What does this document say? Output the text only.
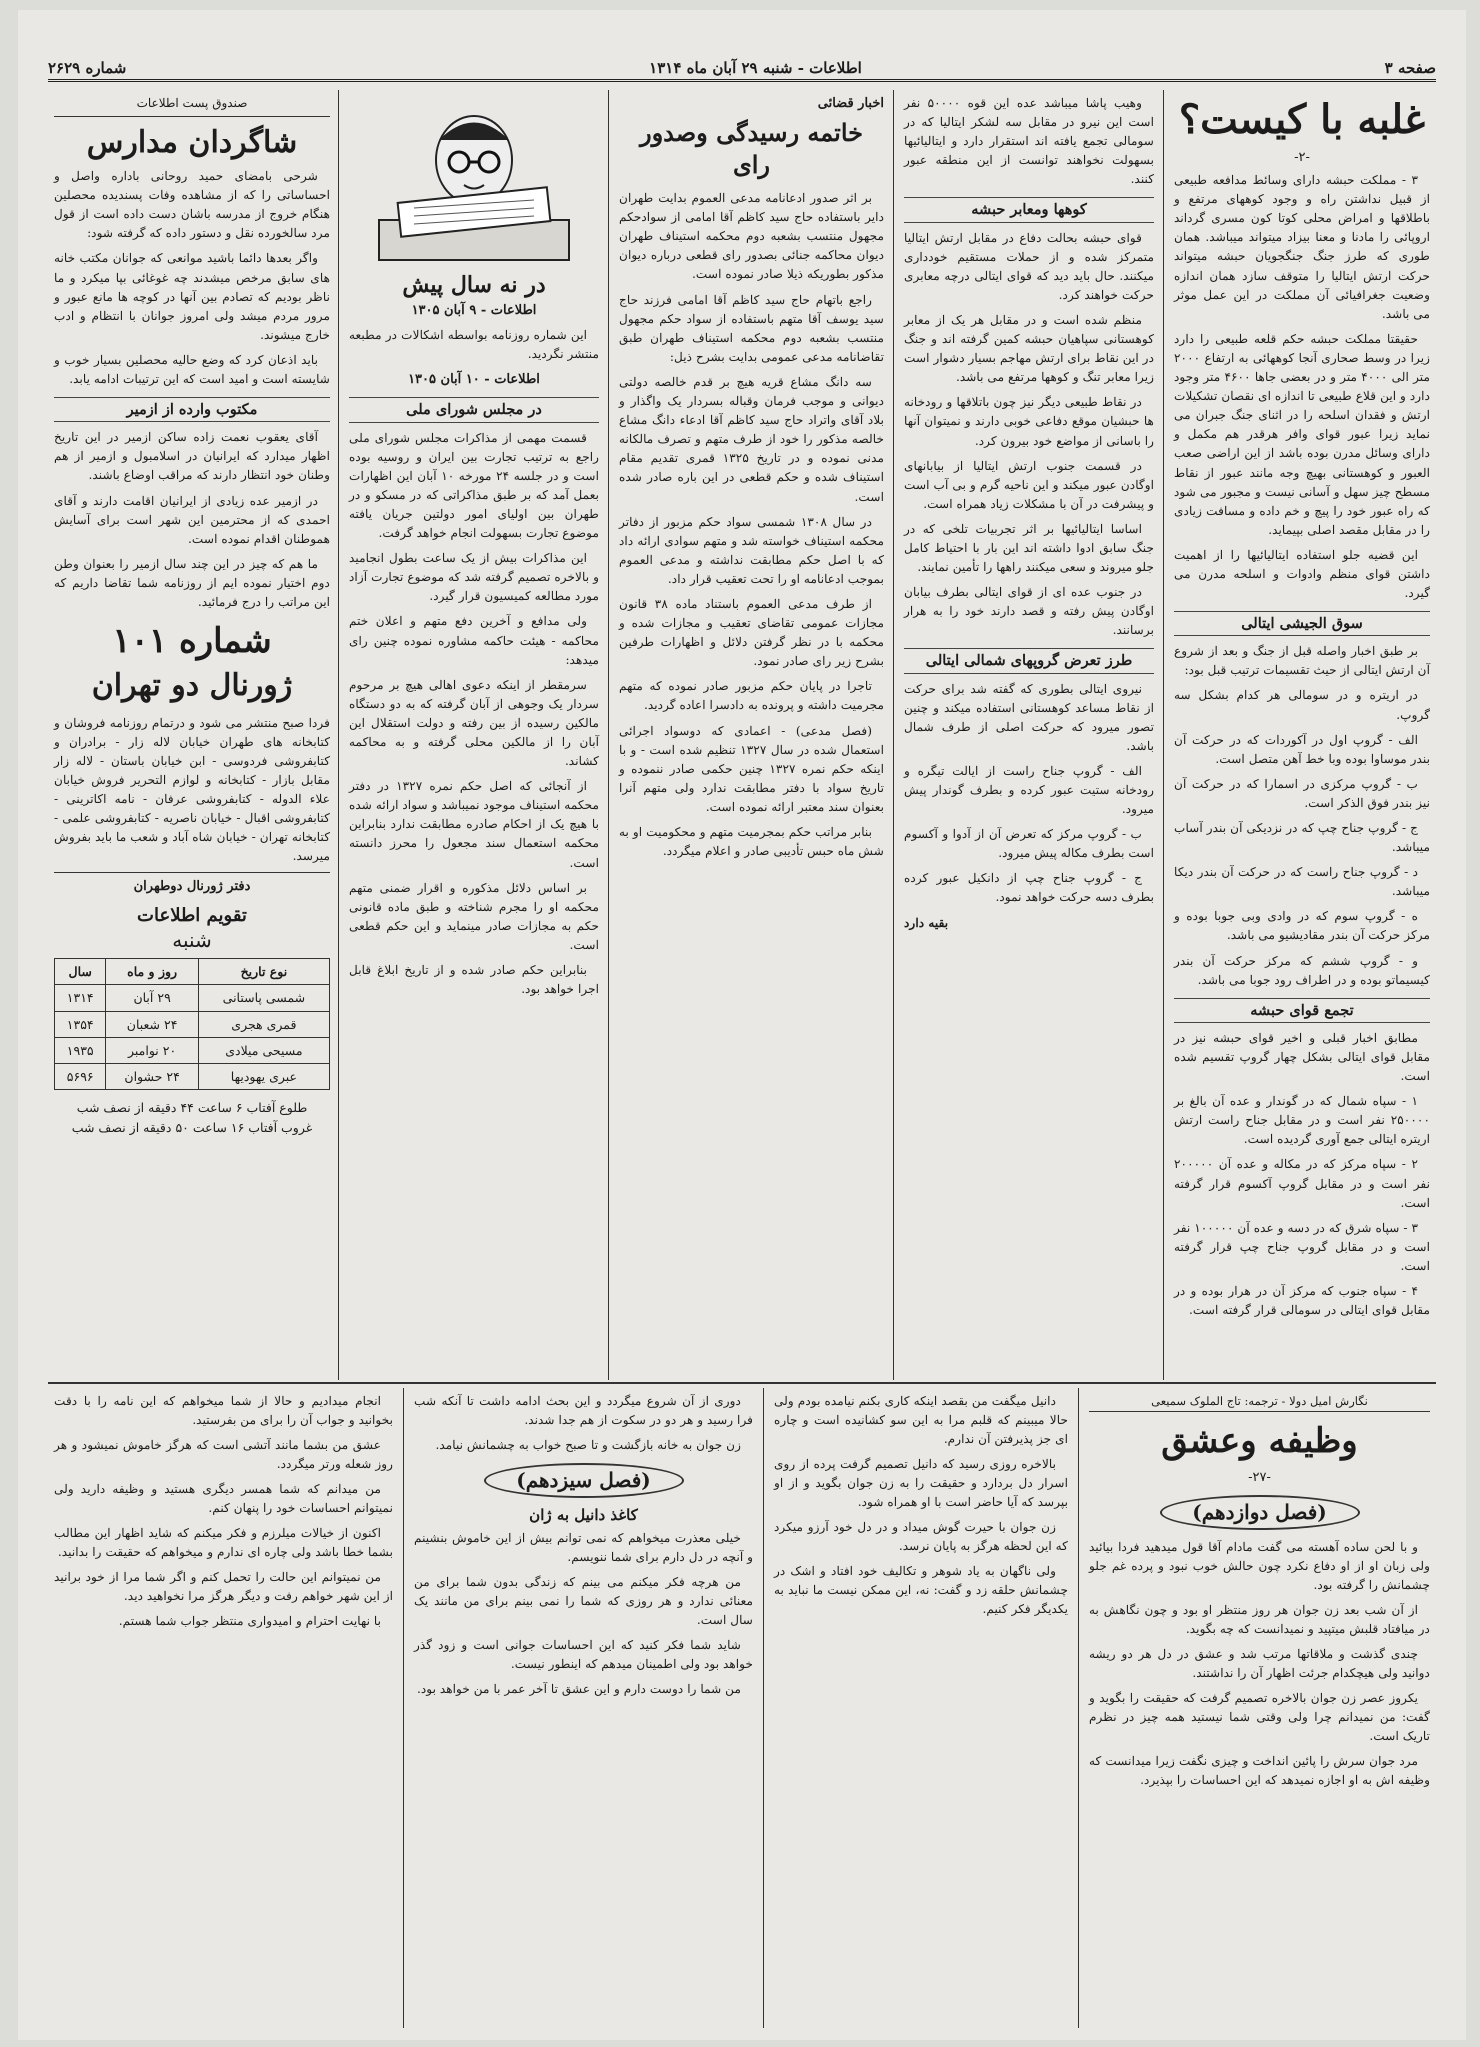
صفحه ۳
اطلاعات - شنبه ۲۹ آبان ماه ۱۳۱۴
شماره ۲۶۲۹
غلبه با کیست؟
-۲-

۳ - مملکت حبشه دارای وسائط مدافعه طبیعی از قبیل نداشتن راه و وجود کوههای مرتفع و باطلاقها و امراض محلی کوتا کون مسری گرداند اروپائی را مادنا و معنا بیزاد میتواند میباشد. همان طوری که طرز جنگ جنگجویان حبشه میتواند حرکت ارتش ایتالیا را متوقف سازد همان اندازه وضعیت جغرافیائی آن مملکت در این عمل موثر می باشد.

حقیقتا مملکت حبشه حکم قلعه طبیعی را دارد زیرا در وسط صحاری آنجا کوههائی به ارتفاع ۲۰۰۰ متر الی ۴۰۰۰ متر و در بعضی جاها ۴۶۰۰ متر وجود دارد و این قلاع طبیعی تا اندازه ای نقصان تشکیلات ارتش و فقدان اسلحه را در اثنای جنگ جبران می نماید زیرا عبور قوای وافر هرقدر هم مکمل و دارای وسائل مدرن بوده باشد از این اراضی صعب العبور و کوهستانی بهیچ وجه مانند عبور از نقاط مسطح چیز سهل و آسانی نیست و مجبور می شود که راه عبور خود را پیچ و خم داده و مسافت زیادی را در مقابل مقصد اصلی بپیماید.

این قضیه جلو استفاده ایتالیائیها را از اهمیت داشتن قوای منظم وادوات و اسلحه مدرن می گیرد.

سوق الجیشی ایتالی

بر طبق اخبار واصله قبل از جنگ و بعد از شروع آن ارتش ایتالی از حیث تقسیمات ترتیب قبل بود:

در اریتره و در سومالی هر کدام بشکل سه گروپ.

الف - گروپ اول در آکوردات که در حرکت آن بندر موساوا بوده وبا خط آهن متصل است.

ب - گروپ مرکزی در اسمارا که در حرکت آن نیز بندر فوق الذکر است.

ج - گروپ جناح چپ که در نزدیکی آن بندر آساب میباشد.

د - گروپ جناح راست که در حرکت آن بندر دیکا میباشد.

ه - گروپ سوم که در وادی وبی جوبا بوده و مرکز حرکت آن بندر مقادیشیو می باشد.

و - گروپ ششم که مرکز حرکت آن بندر کیسیماتو بوده و در اطراف رود جوبا می باشد.

تجمع قوای حبشه

مطابق اخبار قبلی و اخیر قوای حبشه نیز در مقابل قوای ایتالی بشکل چهار گروپ تقسیم شده است.

۱ - سپاه شمال که در گوندار و عده آن بالغ بر ۲۵۰۰۰۰ نفر است و در مقابل جناح راست ارتش اریتره ایتالی جمع آوری گردیده است.

۲ - سپاه مرکز که در مکاله و عده آن ۲۰۰۰۰۰ نفر است و در مقابل گروپ آکسوم قرار گرفته است.

۳ - سپاه شرق که در دسه و عده آن ۱۰۰۰۰۰ نفر است و در مقابل گروپ جناح چپ قرار گرفته است.

۴ - سپاه جنوب که مرکز آن در هرار بوده و در مقابل قوای ایتالی در سومالی قرار گرفته است.

وهیب پاشا میباشد عده این قوه ۵۰۰۰۰ نفر است این نیرو در مقابل سه لشکر ایتالیا که در سومالی تجمع یافته اند استقرار دارد و ایتالیائیها بسهولت نخواهند توانست از این منطقه عبور کنند.

کوهها ومعابر حبشه

قوای حبشه بحالت دفاع در مقابل ارتش ایتالیا متمرکز شده و از حملات مستقیم خودداری میکنند. حال باید دید که قوای ایتالی درچه معابری حرکت خواهند کرد.

منظم شده است و در مقابل هر یک از معابر کوهستانی سپاهیان حبشه کمین گرفته اند و جنگ در این نقاط برای ارتش مهاجم بسیار دشوار است زیرا معابر تنگ و کوهها مرتفع می باشد.

در نقاط طبیعی دیگر نیز چون باتلاقها و رودخانه ها حبشیان موقع دفاعی خوبی دارند و نمیتوان آنها را باسانی از مواضع خود بیرون کرد.

در قسمت جنوب ارتش ایتالیا از بیابانهای اوگادن عبور میکند و این ناحیه گرم و بی آب است و پیشرفت در آن با مشکلات زیاد همراه است.

اساسا ایتالیائیها بر اثر تجربیات تلخی که در جنگ سابق ادوا داشته اند این بار با احتیاط کامل جلو میروند و سعی میکنند راهها را تأمین نمایند.

در جنوب عده ای از قوای ایتالی بطرف بیابان اوگادن پیش رفته و قصد دارند خود را به هرار برسانند.

طرز تعرض گروپهای شمالی ایتالی

نیروی ایتالی بطوری که گفته شد برای حرکت از نقاط مساعد کوهستانی استفاده میکند و چنین تصور میرود که حرکت اصلی از طرف شمال باشد.

الف - گروپ جناح راست از ایالت تیگره و رودخانه ستیت عبور کرده و بطرف گوندار پیش میرود.

ب - گروپ مرکز که تعرض آن از آدوا و آکسوم است بطرف مکاله پیش میرود.

ج - گروپ جناح چپ از دانکیل عبور کرده بطرف دسه حرکت خواهد نمود.

بقیه دارد
اخبار قضائی
خاتمه رسیدگی وصدور رای

بر اثر صدور ادعانامه مدعی العموم بدایت طهران دایر باستفاده حاج سید کاظم آقا امامی از سوادحکم مجهول منتسب بشعبه دوم محکمه استیناف طهران دیوان محاکمه جنائی بصدور رای قطعی درباره دیوان مذکور بطوریکه ذیلا صادر نموده است.

راجع باتهام حاج سید کاظم آقا امامی فرزند حاج سید یوسف آقا متهم باستفاده از سواد حکم مجهول منتسب بشعبه دوم محکمه استیناف طهران طبق تقاضانامه مدعی عمومی بدایت بشرح ذیل:

سه دانگ مشاع قریه هیچ بر قدم خالصه دولتی دیوانی و موجب فرمان وقباله بسردار یک واگذار و بلاد آقای واتراد حاج سید کاظم آقا ادعاء دانگ مشاع خالصه مذکور را خود از طرف متهم و تصرف مالکانه مدنی نموده و در تاریخ ۱۳۲۵ قمری تقدیم مقام استیناف شده و حکم قطعی در این باره صادر شده است.

در سال ۱۳۰۸ شمسی سواد حکم مزبور از دفاتر محکمه استیناف خواسته شد و متهم سوادی ارائه داد که با اصل حکم مطابقت نداشته و مدعی العموم بموجب ادعانامه او را تحت تعقیب قرار داد.

از طرف مدعی العموم باستناد ماده ۳۸ قانون مجازات عمومی تقاضای تعقیب و مجازات شده و محکمه با در نظر گرفتن دلائل و اظهارات طرفین بشرح زیر رای صادر نمود.

تاجرا در پایان حکم مزبور صادر نموده که متهم مجرمیت داشته و پرونده به دادسرا اعاده گردید.

(فصل مدعی) - اعمادی که دوسواد اجرائی استعمال شده در سال ۱۳۲۷ تنظیم شده است - و با اینکه حکم نمره ۱۳۲۷ چنین حکمی صادر ننموده و تاریخ سواد با دفتر مطابقت ندارد ولی متهم آنرا بعنوان سند معتبر ارائه نموده است.

بنابر مراتب حکم بمجرمیت متهم و محکومیت او به شش ماه حبس تأدیبی صادر و اعلام میگردد.

در نه سال پیش
اطلاعات - ۹ آبان ۱۳۰۵

این شماره روزنامه بواسطه اشکالات در مطبعه منتشر نگردید.

اطلاعات - ۱۰ آبان ۱۳۰۵
در مجلس شورای ملی

قسمت مهمی از مذاکرات مجلس شورای ملی راجع به ترتیب تجارت بین ایران و روسیه بوده است و در جلسه ۲۴ مورخه ۱۰ آبان این اظهارات بعمل آمد که بر طبق مذاکراتی که در مسکو و در طهران بین اولیای امور دولتین جریان یافته موضوع تجارت بسهولت انجام خواهد گرفت.

این مذاکرات بیش از یک ساعت بطول انجامید و بالاخره تصمیم گرفته شد که موضوع تجارت آزاد مورد مطالعه کمیسیون قرار گیرد.

ولی مدافع و آخرین دفع متهم و اعلان ختم محاکمه - هیئت حاکمه مشاوره نموده چنین رای میدهد:

سرمقطر از اینکه دعوی اهالی هیچ بر مرحوم سردار یک وجوهی از آبان گرفته که به دو دستگاه مالکین رسیده از بین رفته و دولت استقلال این آبان را از مالکین محلی گرفته و به محاکمه کشاند.

از آنجائی که اصل حکم نمره ۱۳۲۷ در دفتر محکمه استیناف موجود نمیباشد و سواد ارائه شده با هیچ یک از احکام صادره مطابقت ندارد بنابراین محکمه استعمال سند مجعول را محرز دانسته است.

بر اساس دلائل مذکوره و اقرار ضمنی متهم محکمه او را مجرم شناخته و طبق ماده قانونی حکم به مجازات صادر مینماید و این حکم قطعی است.

بنابراین حکم صادر شده و از تاریخ ابلاغ قابل اجرا خواهد بود.

صندوق پست اطلاعات
شاگردان مدارس

شرحی بامضای حمید روحانی باداره واصل و احساساتی را که از مشاهده وفات پسندیده محصلین هنگام خروج از مدرسه باشان دست داده است از قول مرد سالخورده نقل و دستور داده که گرفته شود:

واگر بعدها دائما باشید موانعی که جوانان مکتب خانه های سابق مرخص میشدند چه غوغائی بپا میکرد و ما ناظر بودیم که تصادم بین آنها در کوچه ها مانع عبور و مرور مردم میشد ولی امروز جوانان با انتظام و ادب خارج میشوند.

باید اذعان کرد که وضع حالیه محصلین بسیار خوب و شایسته است و امید است که این ترتیبات ادامه یابد.

مکتوب وارده از ازمیر

آقای یعقوب نعمت زاده ساکن ازمیر در این تاریخ اظهار میدارد که ایرانیان در اسلامبول و ازمیر از هم وطنان خود انتظار دارند که مراقب اوضاع باشند.

در ازمیر عده زیادی از ایرانیان اقامت دارند و آقای احمدی که از محترمین این شهر است برای آسایش هموطنان اقدام نموده است.

ما هم که چیز در این چند سال ازمیر را بعنوان وطن دوم اختیار نموده ایم از روزنامه شما تقاضا داریم که این مراتب را درج فرمائید.

شماره ۱۰۱
ژورنال دو تهران
فردا صبح منتشر می شود و درتمام روزنامه فروشان و کتابخانه های طهران خیابان لاله زار - برادران و کتابفروشی فردوسی - ابن خیابان باستان - لاله زار مقابل بازار - کتابخانه و لوازم التحریر فروش خیابان علاء الدوله - کتابفروشی عرفان - نامه اکاترینی - کتابفروشی اقبال - خیابان ناصریه - کتابفروشی علمی - کتابخانه تهران - خیابان شاه آباد و شعب ما باید بفروش میرسد.
دفتر ژورنال دوطهران
تقویم اطلاعات
شنبه
نوع تاریخ	روز و ماه	سال
شمسی پاستانی	۲۹ آبان	۱۳۱۴
قمری هجری	۲۴ شعبان	۱۳۵۴
مسیحی میلادی	۲۰ نوامبر	۱۹۳۵
عبری یهودیها	۲۴ حشوان	۵۶۹۶
طلوع آفتاب ۶ ساعت ۴۴ دقیقه از نصف شب
غروب آفتاب ۱۶ ساعت ۵۰ دقیقه از نصف شب
نگارش امیل دولا - ترجمه: تاج الملوک سمیعی
وظیفه وعشق
-۲۷-
(فصل دوازدهم)

و با لحن ساده آهسته می گفت مادام آقا قول میدهید فردا بیائید ولی زبان او از او دفاع نکرد چون حالش خوب نبود و پرده غم جلو چشمانش را گرفته بود.

از آن شب بعد زن جوان هر روز منتظر او بود و چون نگاهش به در میافتاد قلبش میتپید و نمیدانست که چه بگوید.

چندی گذشت و ملاقاتها مرتب شد و عشق در دل هر دو ریشه دوانید ولی هیچکدام جرئت اظهار آن را نداشتند.

یکروز عصر زن جوان بالاخره تصمیم گرفت که حقیقت را بگوید و گفت: من نمیدانم چرا ولی وقتی شما نیستید همه چیز در نظرم تاریک است.

مرد جوان سرش را پائین انداخت و چیزی نگفت زیرا میدانست که وظیفه اش به او اجازه نمیدهد که این احساسات را بپذیرد.

دانیل میگفت من بقصد اینکه کاری بکنم نیامده بودم ولی حالا میبینم که قلبم مرا به این سو کشانیده است و چاره ای جز پذیرفتن آن ندارم.

بالاخره روزی رسید که دانیل تصمیم گرفت پرده از روی اسرار دل بردارد و حقیقت را به زن جوان بگوید و از او بپرسد که آیا حاضر است با او همراه شود.

زن جوان با حیرت گوش میداد و در دل خود آرزو میکرد که این لحظه هرگز به پایان نرسد.

ولی ناگهان به یاد شوهر و تکالیف خود افتاد و اشک در چشمانش حلقه زد و گفت: نه، این ممکن نیست ما نباید به یکدیگر فکر کنیم.

دوری از آن شروع میگردد و این بحث ادامه داشت تا آنکه شب فرا رسید و هر دو در سکوت از هم جدا شدند.

زن جوان به خانه بازگشت و تا صبح خواب به چشمانش نیامد.

(فصل سیزدهم)
کاغذ دانیل به ژان

خیلی معذرت میخواهم که نمی توانم بیش از این خاموش بنشینم و آنچه در دل دارم برای شما ننویسم.

من هرچه فکر میکنم می بینم که زندگی بدون شما برای من معنائی ندارد و هر روزی که شما را نمی بینم برای من مانند یک سال است.

شاید شما فکر کنید که این احساسات جوانی است و زود گذر خواهد بود ولی اطمینان میدهم که اینطور نیست.

من شما را دوست دارم و این عشق تا آخر عمر با من خواهد بود.

انجام میدادیم و حالا از شما میخواهم که این نامه را با دقت بخوانید و جواب آن را برای من بفرستید.

عشق من بشما مانند آتشی است که هرگز خاموش نمیشود و هر روز شعله ورتر میگردد.

من میدانم که شما همسر دیگری هستید و وظیفه دارید ولی نمیتوانم احساسات خود را پنهان کنم.

اکنون از خیالات میلرزم و فکر میکنم که شاید اظهار این مطالب بشما خطا باشد ولی چاره ای ندارم و میخواهم که حقیقت را بدانید.

من نمیتوانم این حالت را تحمل کنم و اگر شما مرا از خود برانید از این شهر خواهم رفت و دیگر هرگز مرا نخواهید دید.

با نهایت احترام و امیدواری منتظر جواب شما هستم.
